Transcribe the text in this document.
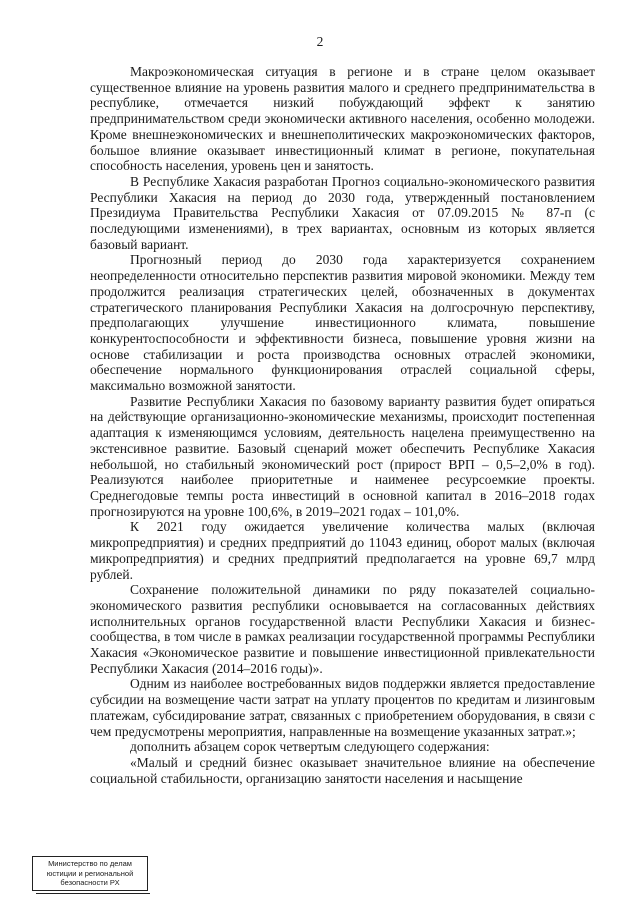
2

Макроэкономическая ситуация в регионе и в стране целом оказывает существенное влияние на уровень развития малого и среднего предпринимательства в республике, отмечается низкий побуждающий эффект к занятию предпринимательством среди экономически активного населения, особенно молодежи. Кроме внешнеэкономических и внешнеполитических макроэкономических факторов, большое влияние оказывает инвестиционный климат в регионе, покупательная способность населения, уровень цен и занятость.

В Республике Хакасия разработан Прогноз социально-экономического развития Республики Хакасия на период до 2030 года, утвержденный постановлением Президиума Правительства Республики Хакасия от 07.09.2015 № 87-п (с последующими изменениями), в трех вариантах, основным из которых является базовый вариант.

Прогнозный период до 2030 года характеризуется сохранением неопределенности относительно перспектив развития мировой экономики. Между тем продолжится реализация стратегических целей, обозначенных в документах стратегического планирования Республики Хакасия на долгосрочную перспективу, предполагающих улучшение инвестиционного климата, повышение конкурентоспособности и эффективности бизнеса, повышение уровня жизни на основе стабилизации и роста производства основных отраслей экономики, обеспечение нормального функционирования отраслей социальной сферы, максимально возможной занятости.

Развитие Республики Хакасия по базовому варианту развития будет опираться на действующие организационно-экономические механизмы, происходит постепенная адаптация к изменяющимся условиям, деятельность нацелена преимущественно на экстенсивное развитие. Базовый сценарий может обеспечить Республике Хакасия небольшой, но стабильный экономический рост (прирост ВРП – 0,5–2,0% в год). Реализуются наиболее приоритетные и наименее ресурсоемкие проекты. Среднегодовые темпы роста инвестиций в основной капитал в 2016–2018 годах прогнозируются на уровне 100,6%, в 2019–2021 годах – 101,0%.

К 2021 году ожидается увеличение количества малых (включая микропредприятия) и средних предприятий до 11043 единиц, оборот малых (включая микропредприятия) и средних предприятий предполагается на уровне 69,7 млрд рублей.

Сохранение положительной динамики по ряду показателей социально-экономического развития республики основывается на согласованных действиях исполнительных органов государственной власти Республики Хакасия и бизнес-сообщества, в том числе в рамках реализации государственной программы Республики Хакасия «Экономическое развитие и повышение инвестиционной привлекательности Республики Хакасия (2014–2016 годы)».

Одним из наиболее востребованных видов поддержки является предоставление субсидии на возмещение части затрат на уплату процентов по кредитам и лизинговым платежам, субсидирование затрат, связанных с приобретением оборудования, в связи с чем предусмотрены мероприятия, направленные на возмещение указанных затрат.»;

дополнить абзацем сорок четвертым следующего содержания:

«Малый и средний бизнес оказывает значительное влияние на обеспечение социальной стабильности, организацию занятости населения и насыщение

Министерство по делам
юстиции и региональной
безопасности РХ
